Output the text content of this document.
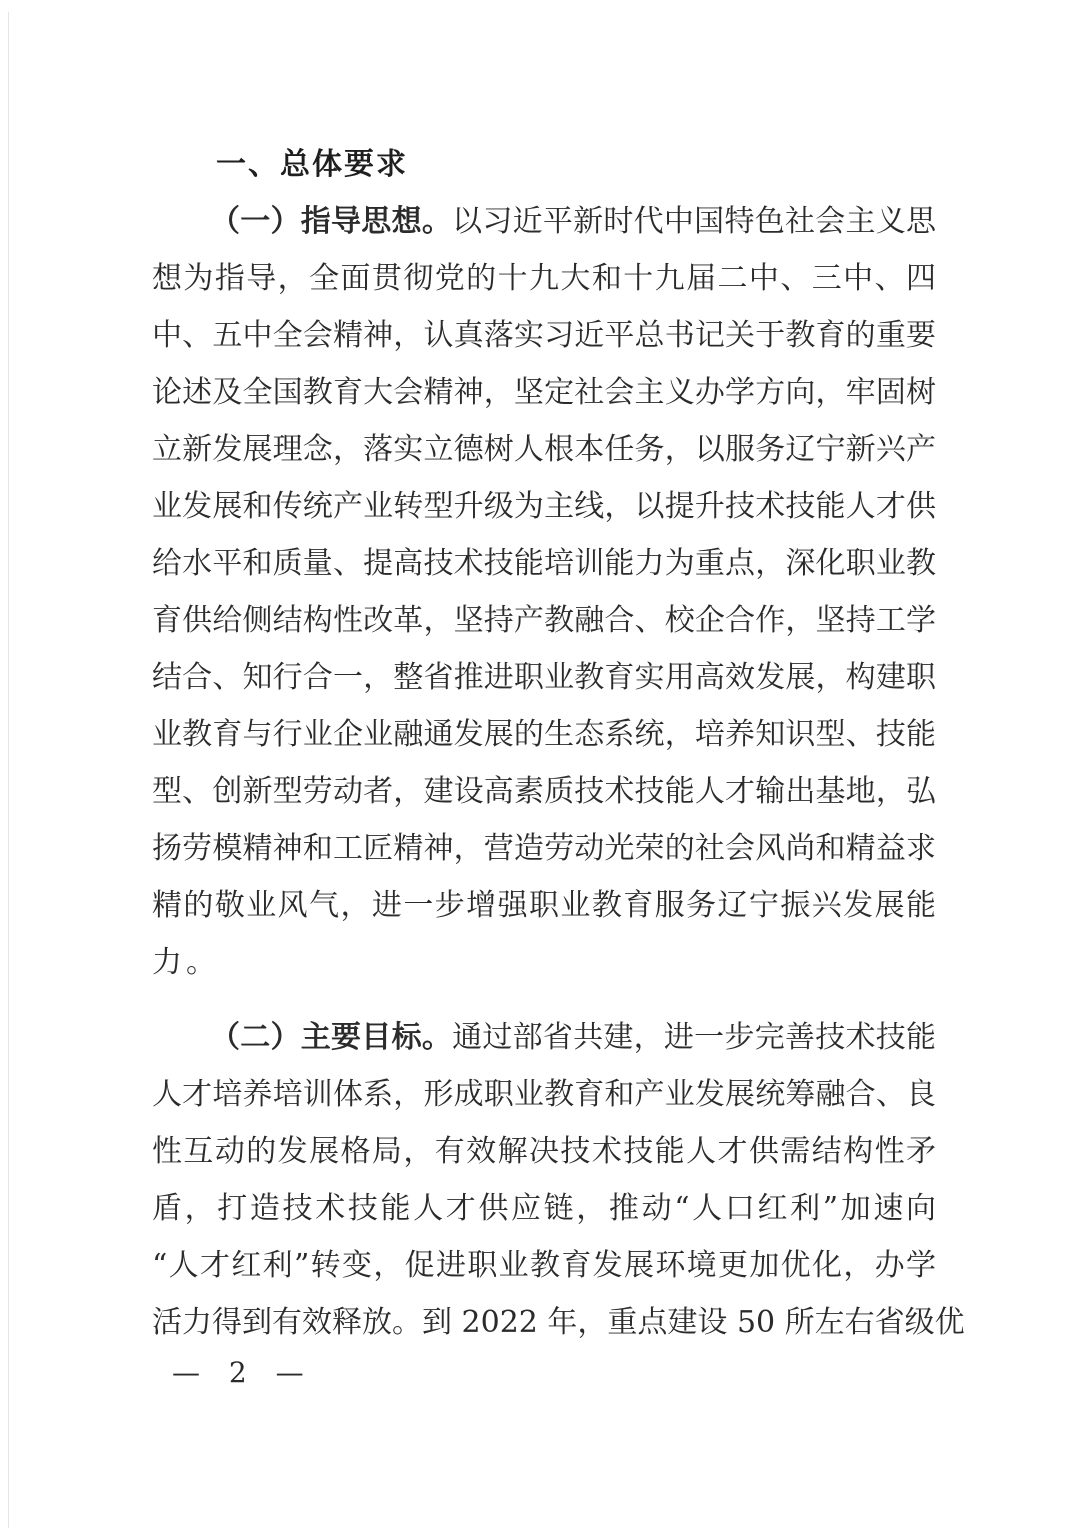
一、总体要求
（一）指导思想。以习近平新时代中国特色社会主义思
想为指导，全面贯彻党的十九大和十九届二中、三中、四
中、五中全会精神，认真落实习近平总书记关于教育的重要
论述及全国教育大会精神，坚定社会主义办学方向，牢固树
立新发展理念，落实立德树人根本任务，以服务辽宁新兴产
业发展和传统产业转型升级为主线，以提升技术技能人才供
给水平和质量、提高技术技能培训能力为重点，深化职业教
育供给侧结构性改革，坚持产教融合、校企合作，坚持工学
结合、知行合一，整省推进职业教育实用高效发展，构建职
业教育与行业企业融通发展的生态系统，培养知识型、技能
型、创新型劳动者，建设高素质技术技能人才输出基地，弘
扬劳模精神和工匠精神，营造劳动光荣的社会风尚和精益求
精的敬业风气，进一步增强职业教育服务辽宁振兴发展能
力。
（二）主要目标。通过部省共建，进一步完善技术技能
人才培养培训体系，形成职业教育和产业发展统筹融合、良
性互动的发展格局，有效解决技术技能人才供需结构性矛
盾，打造技术技能人才供应链，推动“人口红利”加速向
“人才红利”转变，促进职业教育发展环境更加优化，办学
活力得到有效释放。到 2022 年，重点建设 50 所左右省级优
— 2 —
